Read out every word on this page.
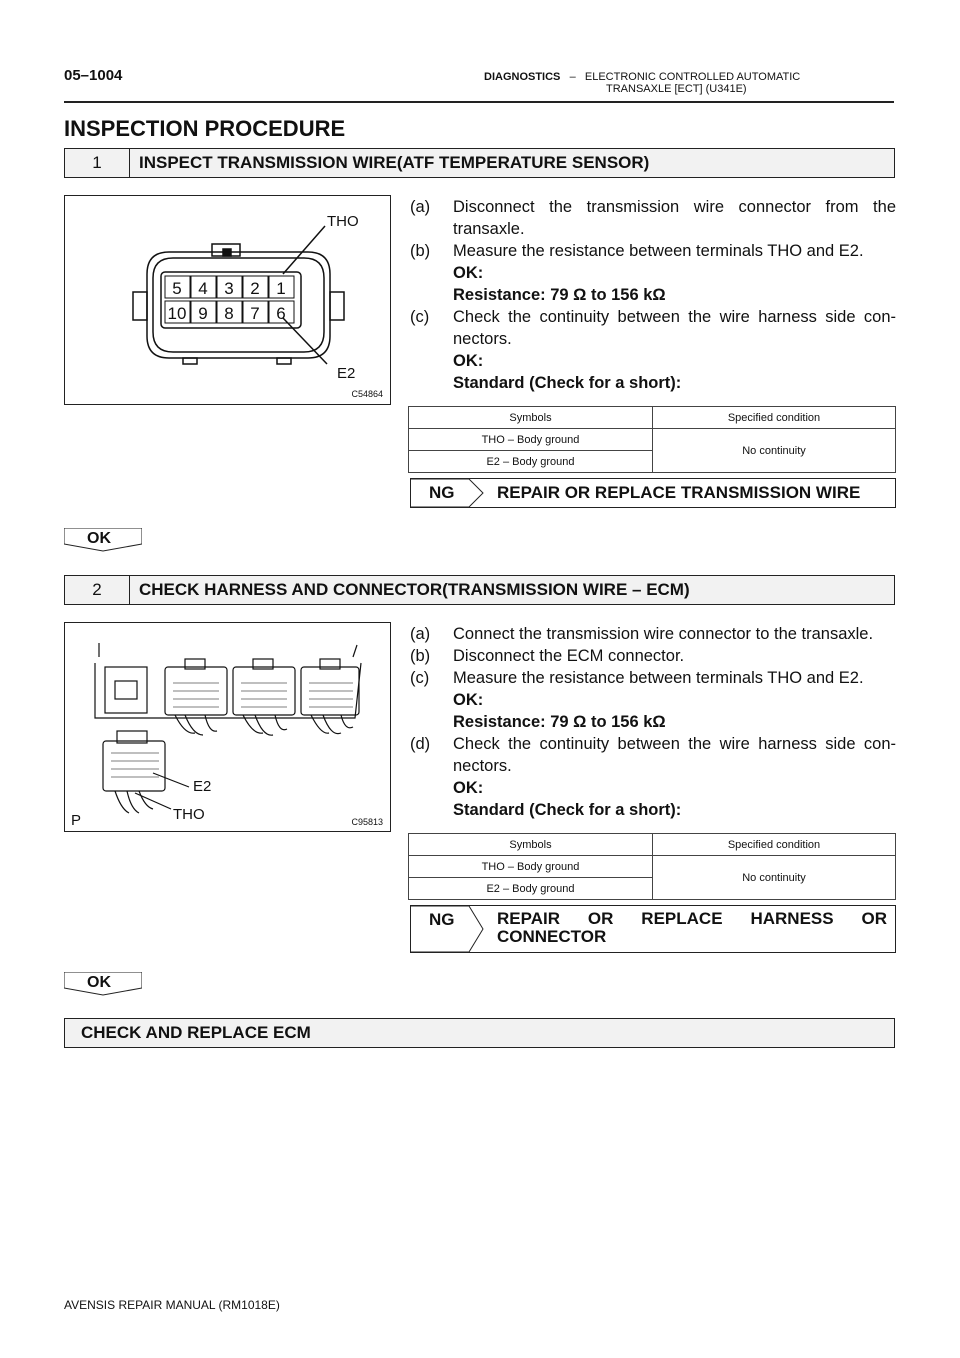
05–1004	DIAGNOSTICS – ELECTRONIC CONTROLLED AUTOMATIC
TRANSAXLE [ECT] (U341E)
INSPECTION PROCEDURE
1	INSPECT TRANSMISSION WIRE(ATF TEMPERATURE SENSOR)
5 4 3 2 1
10 9 8 7 6
THO
E2
C54864
(a) Disconnect the transmission wire connector from the transaxle.
(b) Measure the resistance between terminals THO and E2.
OK:
Resistance: 79 Ω to 156 kΩ
(c) Check the continuity between the wire harness side con- nectors.
OK:
Standard (Check for a short):
Symbols	Specified condition
THO – Body ground	No continuity
E2 – Body ground	
NG	REPAIR OR REPLACE TRANSMISSION WIRE
OK
2	CHECK HARNESS AND CONNECTOR(TRANSMISSION WIRE – ECM)
E2
THO
P	C95813
(a) Connect the transmission wire connector to the transaxle.
(b) Disconnect the ECM connector.
(c) Measure the resistance between terminals THO and E2.
OK:
Resistance: 79 Ω to 156 kΩ
(d) Check the continuity between the wire harness side con- nectors.
OK:
Standard (Check for a short):
Symbols	Specified condition
THO – Body ground	No continuity
E2 – Body ground	
NG	REPAIR OR REPLACE HARNESS OR
CONNECTOR
OK
CHECK AND REPLACE ECM
AVENSIS REPAIR MANUAL (RM1018E)
